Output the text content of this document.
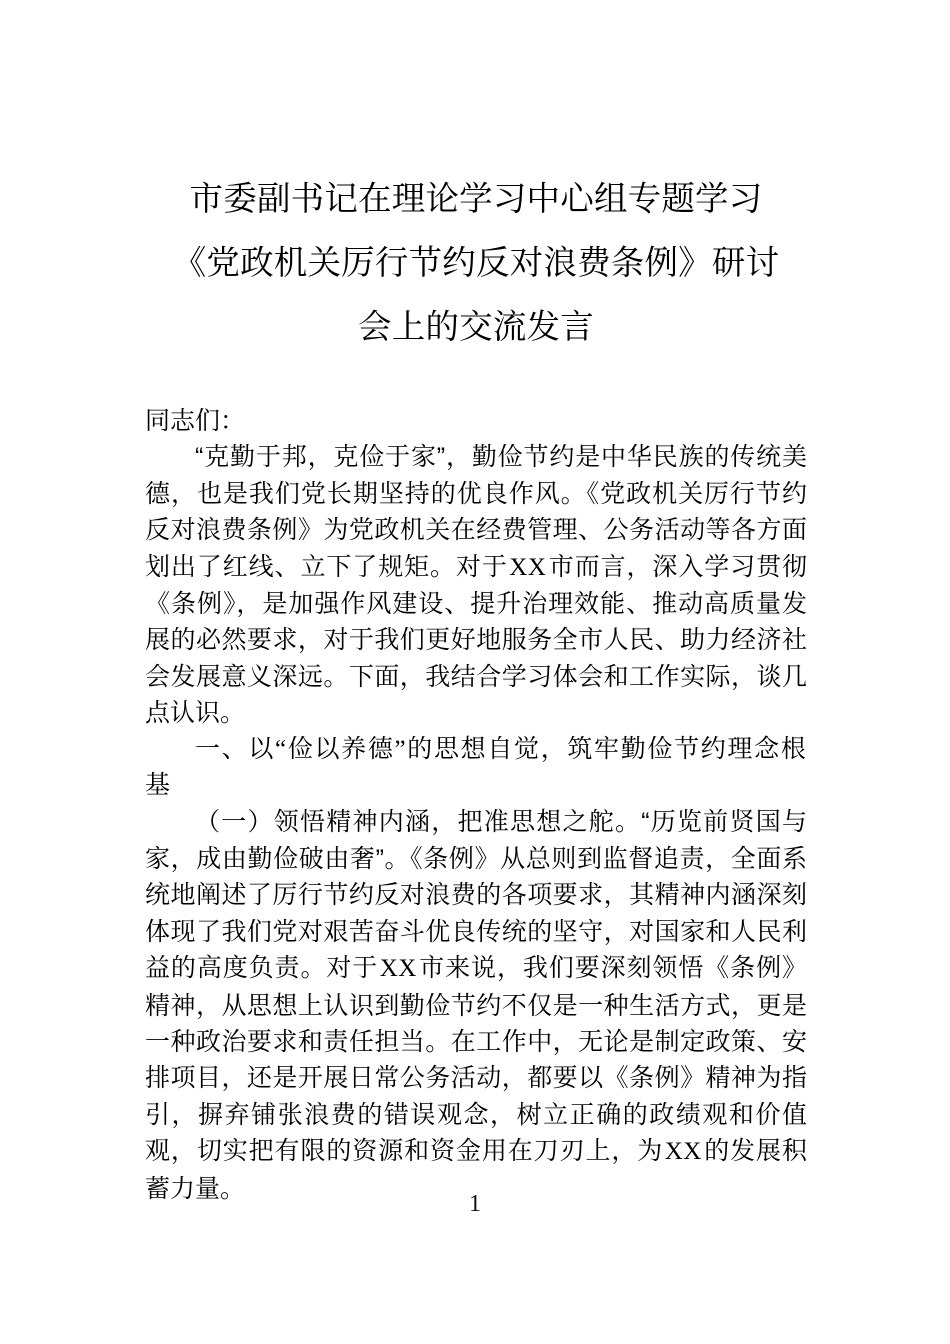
市委副书记在理论学习中心组专题学习
《党政机关厉行节约反对浪费条例》研讨
会上的交流发言

同志们：

“克勤于邦，克俭于家”，勤俭节约是中华民族的传统美德，也是我们党长期坚持的优良作风。《党政机关厉行节约反对浪费条例》为党政机关在经费管理、公务活动等各方面划出了红线、立下了规矩。对于XX市而言，深入学习贯彻《条例》，是加强作风建设、提升治理效能、推动高质量发展的必然要求，对于我们更好地服务全市人民、助力经济社会发展意义深远。下面，我结合学习体会和工作实际，谈几点认识。

一、以“俭以养德”的思想自觉，筑牢勤俭节约理念根基

（一）领悟精神内涵，把准思想之舵。“历览前贤国与家，成由勤俭破由奢”。《条例》从总则到监督追责，全面系统地阐述了厉行节约反对浪费的各项要求，其精神内涵深刻体现了我们党对艰苦奋斗优良传统的坚守，对国家和人民利益的高度负责。对于XX市来说，我们要深刻领悟《条例》精神，从思想上认识到勤俭节约不仅是一种生活方式，更是一种政治要求和责任担当。在工作中，无论是制定政策、安排项目，还是开展日常公务活动，都要以《条例》精神为指引，摒弃铺张浪费的错误观念，树立正确的政绩观和价值观，切实把有限的资源和资金用在刀刃上，为XX的发展积蓄力量。

1
